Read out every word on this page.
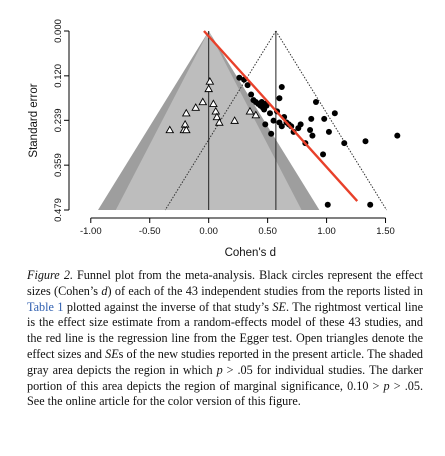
-1.00	-0.50	0.00	0.50	1.00	1.50
0.000
0.120
0.239
0.359
0.479
Cohen's d
Standard error

Figure 2. Funnel plot from the meta-analysis. Black circles represent the effect sizes (Cohen’s d) of each of the 43 independent studies from the reports listed in Table 1 plotted against the inverse of that study’s SE. The rightmost vertical line is the effect size estimate from a random-effects model of these 43 studies, and the red line is the regression line from the Egger test. Open triangles denote the effect sizes and SEs of the new studies reported in the present article. The shaded gray area depicts the region in which p > .05 for individual studies. The darker portion of this area depicts the region of marginal significance, 0.10 > p > .05. See the online article for the color version of this figure.
